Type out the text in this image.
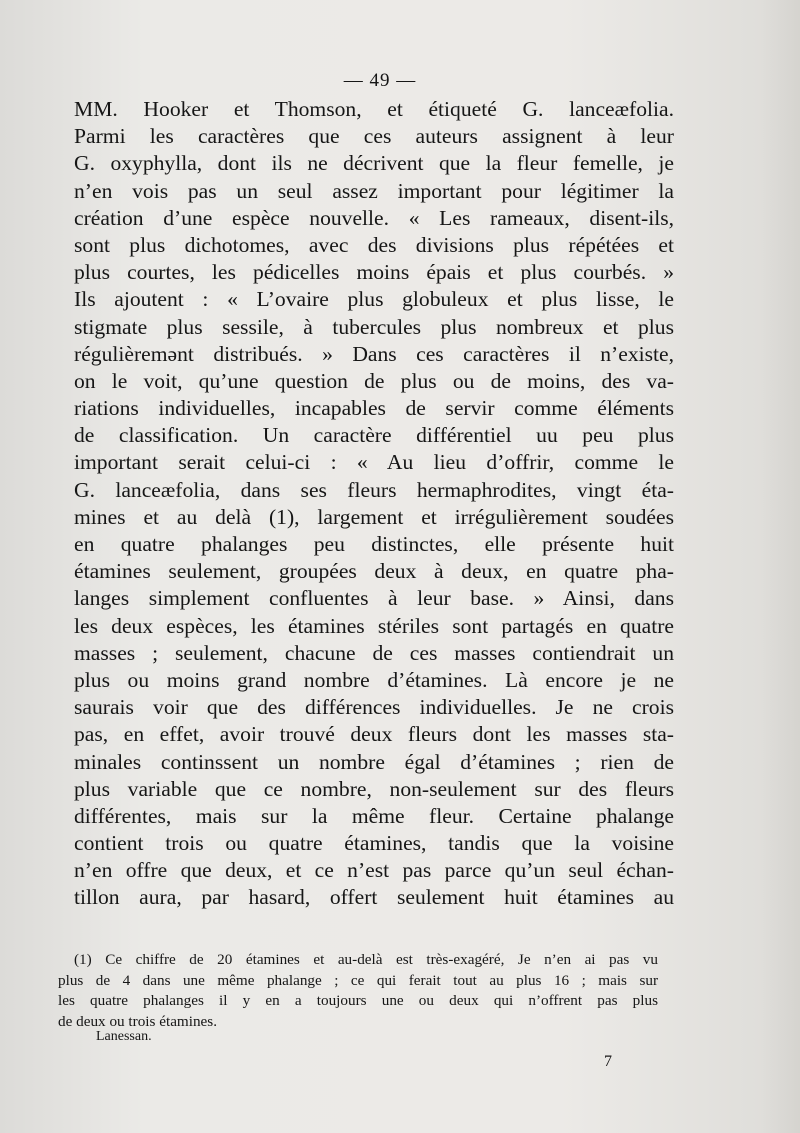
— 49 —
MM. Hooker et Thomson, et étiqueté G. lanceæfolia.
Parmi les caractères que ces auteurs assignent à leur
G. oxyphylla, dont ils ne décrivent que la fleur femelle, je
n’en vois pas un seul assez important pour légitimer la
création d’une espèce nouvelle. « Les rameaux, disent-ils,
sont plus dichotomes, avec des divisions plus répétées et
plus courtes, les pédicelles moins épais et plus courbés. »
Ils ajoutent : « L’ovaire plus globuleux et plus lisse, le
stigmate plus sessile, à tubercules plus nombreux et plus
régulièremənt distribués. » Dans ces caractères il n’existe,
on le voit, qu’une question de plus ou de moins, des va-
riations individuelles, incapables de servir comme éléments
de classification. Un caractère différentiel uu peu plus
important serait celui-ci : « Au lieu d’offrir, comme le
G. lanceæfolia, dans ses fleurs hermaphrodites, vingt éta-
mines et au delà (1), largement et irrégulièrement soudées
en quatre phalanges peu distinctes, elle présente huit
étamines seulement, groupées deux à deux, en quatre pha-
langes simplement confluentes à leur base. » Ainsi, dans
les deux espèces, les étamines stériles sont partagés en quatre
masses ; seulement, chacune de ces masses contiendrait un
plus ou moins grand nombre d’étamines. Là encore je ne
saurais voir que des différences individuelles. Je ne crois
pas, en effet, avoir trouvé deux fleurs dont les masses sta-
minales continssent un nombre égal d’étamines ; rien de
plus variable que ce nombre, non-seulement sur des fleurs
différentes, mais sur la même fleur. Certaine phalange
contient trois ou quatre étamines, tandis que la voisine
n’en offre que deux, et ce n’est pas parce qu’un seul échan-
tillon aura, par hasard, offert seulement huit étamines au
(1) Ce chiffre de 20 étamines et au-delà est très-exagéré, Je n’en ai pas vu
plus de 4 dans une même phalange ; ce qui ferait tout au plus 16 ; mais sur
les quatre phalanges il y en a toujours une ou deux qui n’offrent pas plus
de deux ou trois étamines.
Lanessan.
7
